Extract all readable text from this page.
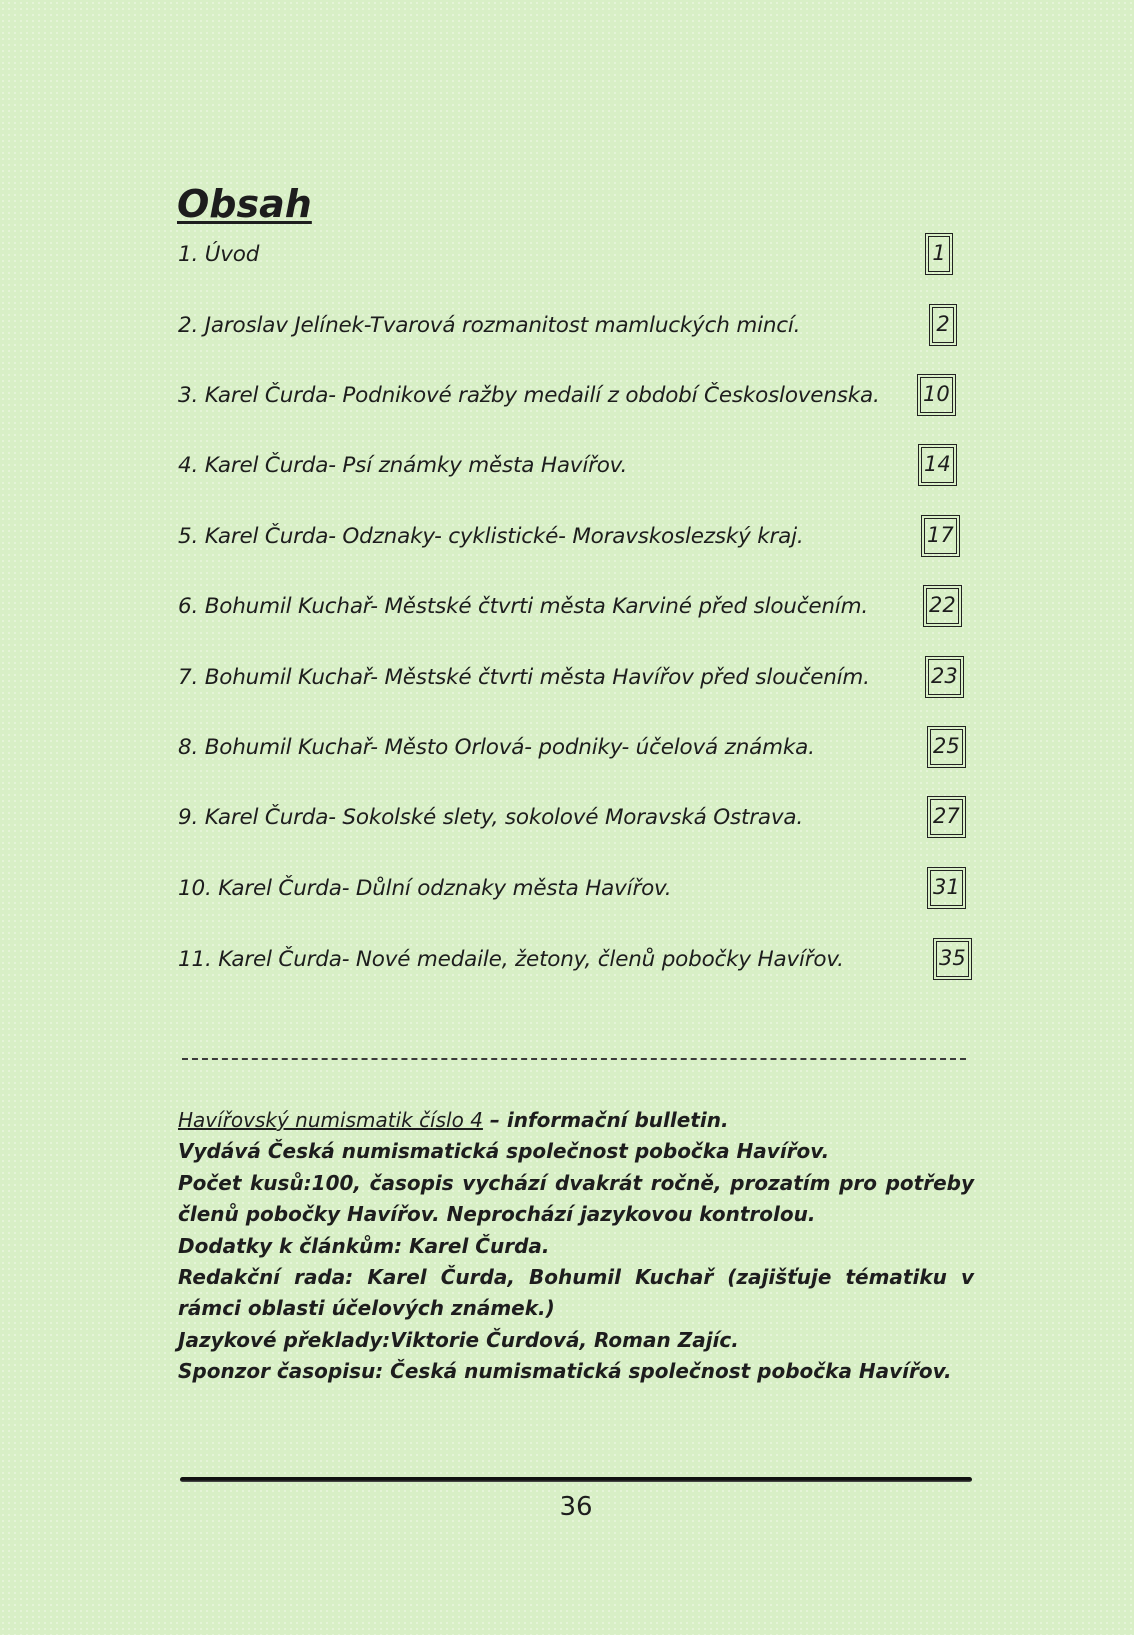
Obsah
1. Úvod	1
2. Jaroslav Jelínek-Tvarová rozmanitost mamluckých mincí.	2
3. Karel Čurda- Podnikové ražby medailí z období Československa. 10
4. Karel Čurda- Psí známky města Havířov.	14
5. Karel Čurda- Odznaky- cyklistické- Moravskoslezský kraj.	17
6. Bohumil Kuchař- Městské čtvrti města Karviné před sloučením.	22
7. Bohumil Kuchař- Městské čtvrti města Havířov před sloučením.	23
8. Bohumil Kuchař- Město Orlová- podniky- účelová známka.	25
9. Karel Čurda- Sokolské slety, sokolové Moravská Ostrava.	27
10. Karel Čurda- Důlní odznaky města Havířov.	31
11. Karel Čurda- Nové medaile, žetony, členů pobočky Havířov.	35

Havířovský numismatik číslo 4 – informační bulletin.

Vydává Česká numismatická společnost pobočka Havířov.

Počet kusů:100, časopis vychází dvakrát ročně, prozatím pro potřeby členů pobočky Havířov. Neprochází jazykovou kontrolou.

Dodatky k článkům: Karel Čurda.

Redakční rada: Karel Čurda, Bohumil Kuchař (zajišťuje tématiku v rámci oblasti účelových známek.)

Jazykové překlady:Viktorie Čurdová, Roman Zajíc.

Sponzor časopisu: Česká numismatická společnost pobočka Havířov.

36
